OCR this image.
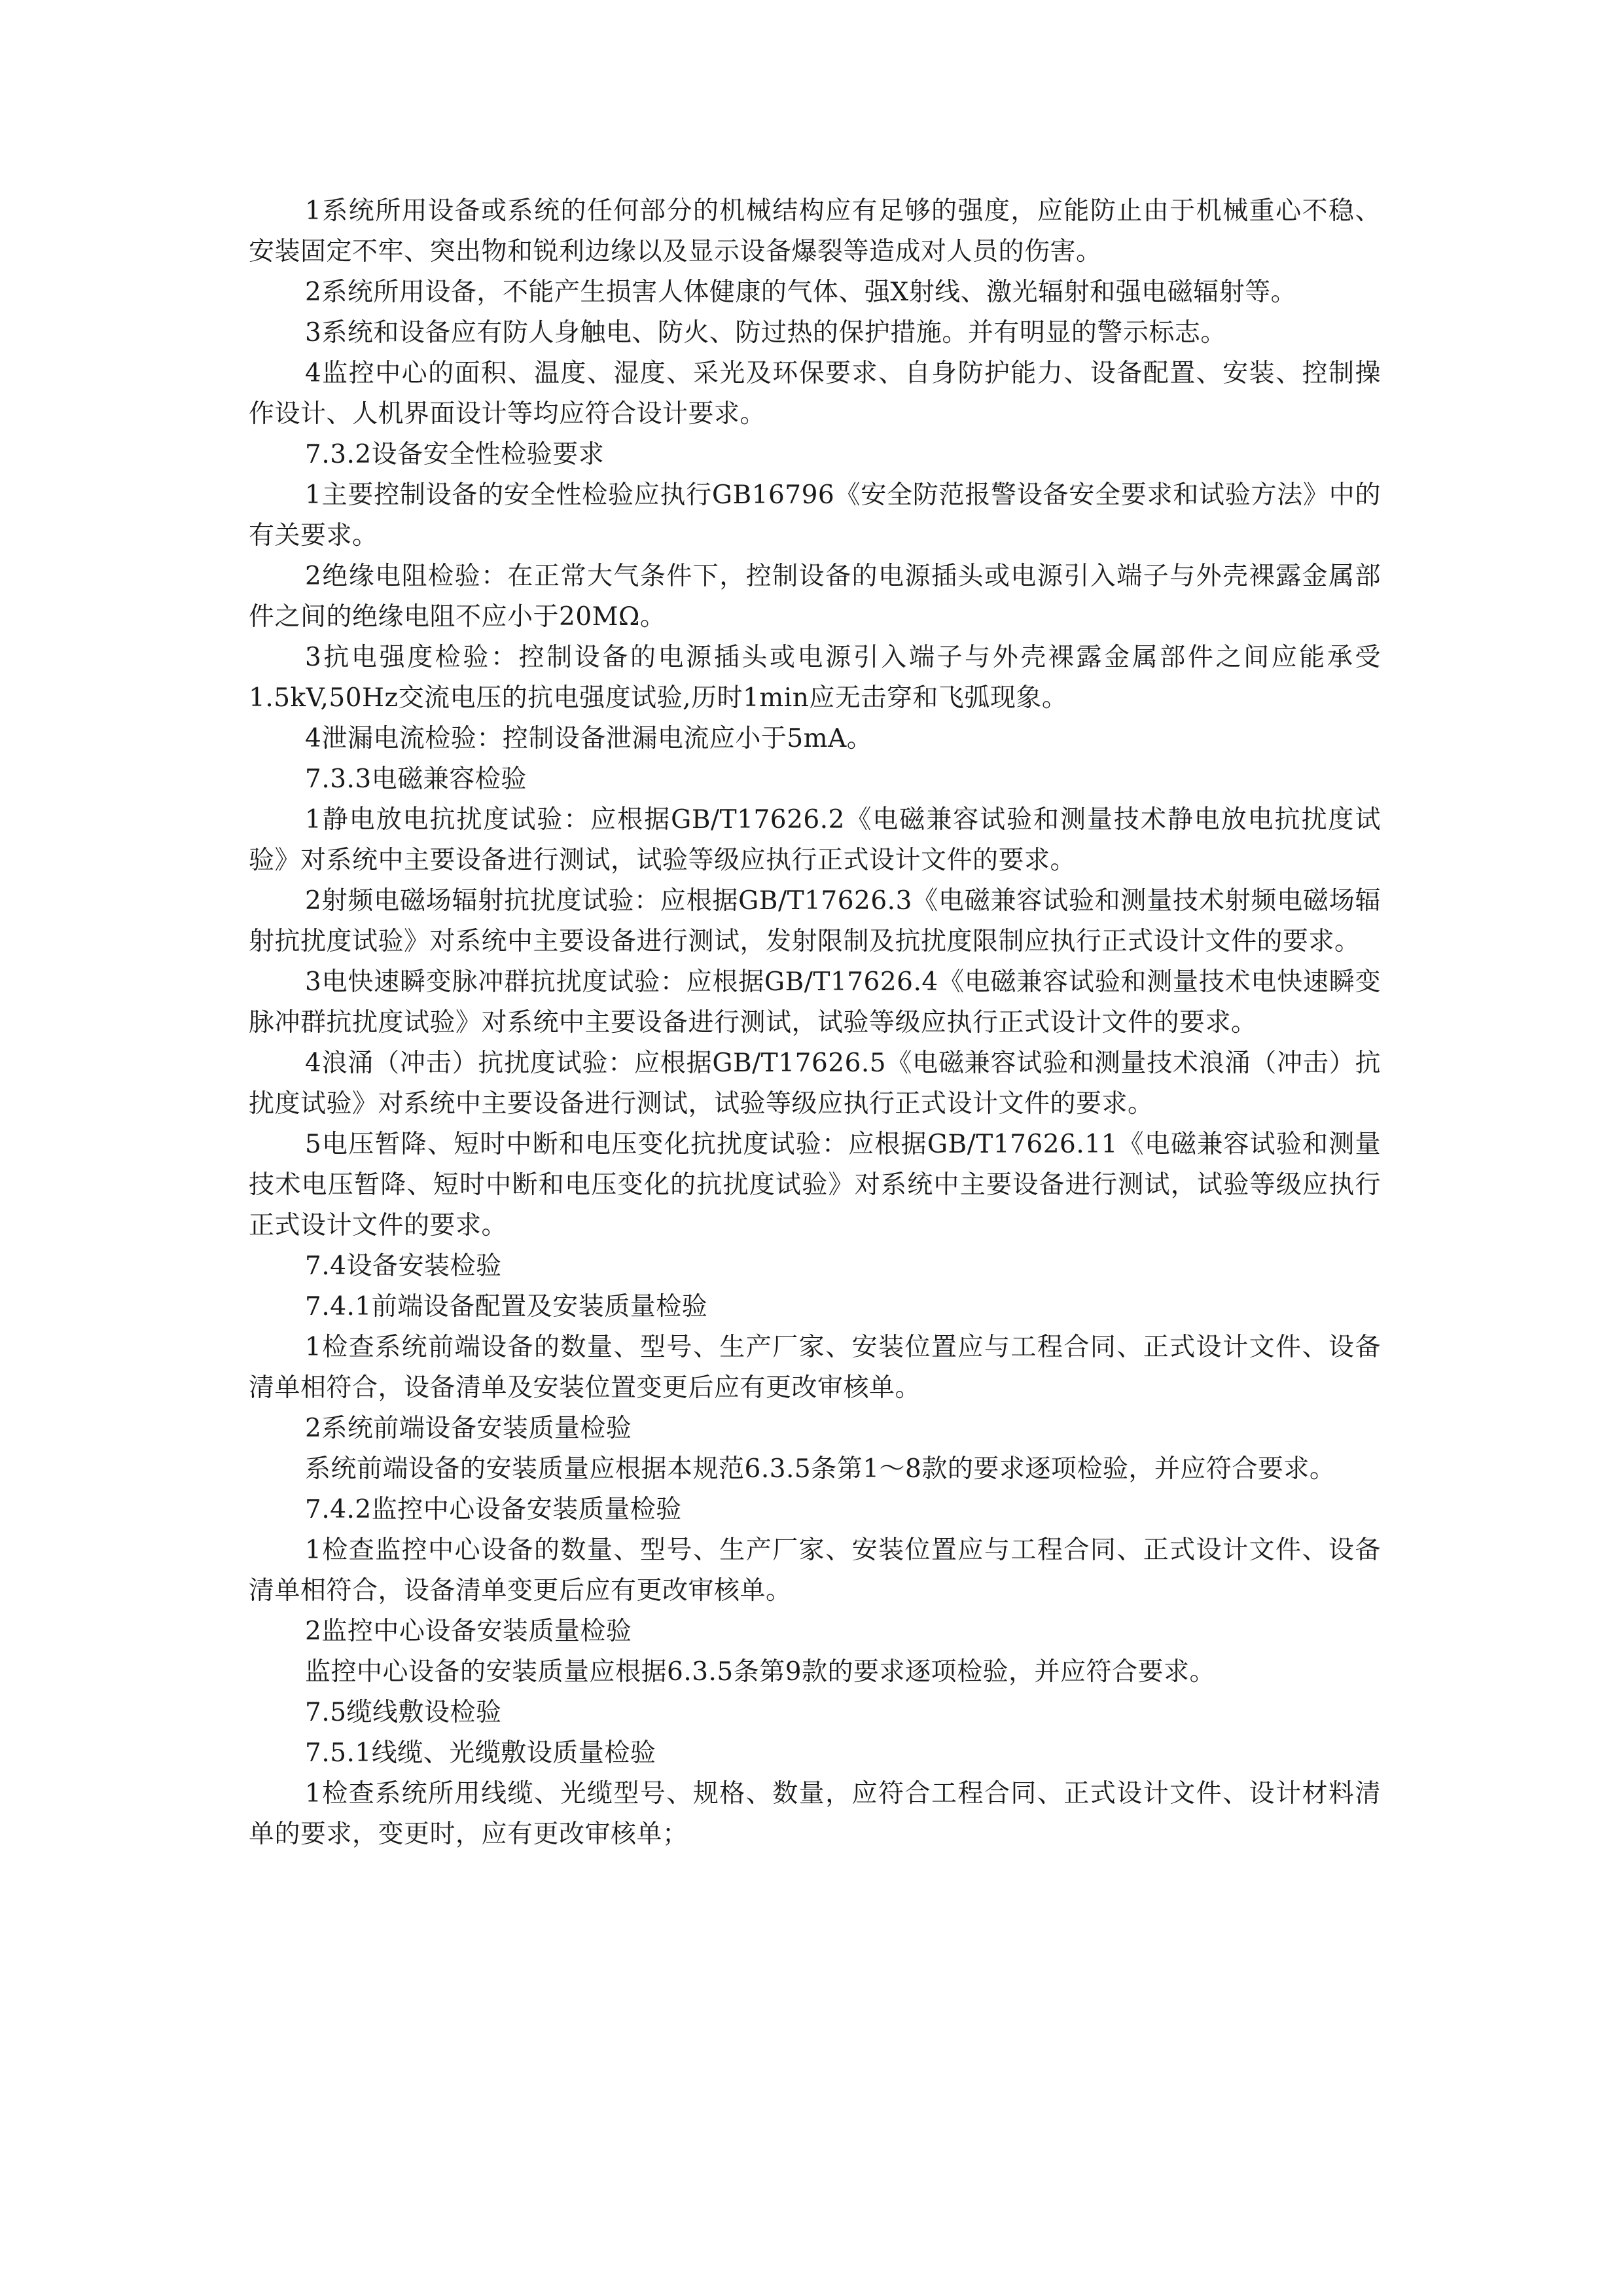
1系统所用设备或系统的任何部分的机械结构应有足够的强度，应能防止由于机械重心不稳、安装固定不牢、突出物和锐利边缘以及显示设备爆裂等造成对人员的伤害。

2系统所用设备，不能产生损害人体健康的气体、强X射线、激光辐射和强电磁辐射等。

3系统和设备应有防人身触电、防火、防过热的保护措施。并有明显的警示标志。

4监控中心的面积、温度、湿度、采光及环保要求、自身防护能力、设备配置、安装、控制操作设计、人机界面设计等均应符合设计要求。

7.3.2设备安全性检验要求

1主要控制设备的安全性检验应执行GB16796《安全防范报警设备安全要求和试验方法》中的有关要求。

2绝缘电阻检验：在正常大气条件下，控制设备的电源插头或电源引入端子与外壳裸露金属部件之间的绝缘电阻不应小于20MΩ。

3抗电强度检验：控制设备的电源插头或电源引入端子与外壳裸露金属部件之间应能承受1.5kV,50Hz交流电压的抗电强度试验,历时1min应无击穿和飞弧现象。

4泄漏电流检验：控制设备泄漏电流应小于5mA。

7.3.3电磁兼容检验

1静电放电抗扰度试验：应根据GB/T17626.2《电磁兼容试验和测量技术静电放电抗扰度试验》对系统中主要设备进行测试，试验等级应执行正式设计文件的要求。

2射频电磁场辐射抗扰度试验：应根据GB/T17626.3《电磁兼容试验和测量技术射频电磁场辐射抗扰度试验》对系统中主要设备进行测试，发射限制及抗扰度限制应执行正式设计文件的要求。

3电快速瞬变脉冲群抗扰度试验：应根据GB/T17626.4《电磁兼容试验和测量技术电快速瞬变脉冲群抗扰度试验》对系统中主要设备进行测试，试验等级应执行正式设计文件的要求。

4浪涌（冲击）抗扰度试验：应根据GB/T17626.5《电磁兼容试验和测量技术浪涌（冲击）抗扰度试验》对系统中主要设备进行测试，试验等级应执行正式设计文件的要求。

5电压暂降、短时中断和电压变化抗扰度试验：应根据GB/T17626.11《电磁兼容试验和测量技术电压暂降、短时中断和电压变化的抗扰度试验》对系统中主要设备进行测试，试验等级应执行正式设计文件的要求。

7.4设备安装检验

7.4.1前端设备配置及安装质量检验

1检查系统前端设备的数量、型号、生产厂家、安装位置应与工程合同、正式设计文件、设备清单相符合，设备清单及安装位置变更后应有更改审核单。

2系统前端设备安装质量检验

系统前端设备的安装质量应根据本规范6.3.5条第1～8款的要求逐项检验，并应符合要求。

7.4.2监控中心设备安装质量检验

1检查监控中心设备的数量、型号、生产厂家、安装位置应与工程合同、正式设计文件、设备清单相符合，设备清单变更后应有更改审核单。

2监控中心设备安装质量检验

监控中心设备的安装质量应根据6.3.5条第9款的要求逐项检验，并应符合要求。

7.5缆线敷设检验

7.5.1线缆、光缆敷设质量检验

1检查系统所用线缆、光缆型号、规格、数量，应符合工程合同、正式设计文件、设计材料清单的要求，变更时，应有更改审核单；
